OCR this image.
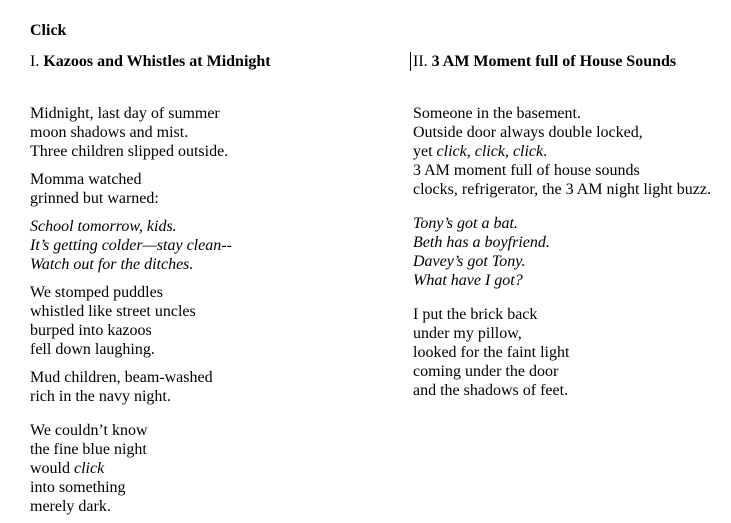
Click
I. Kazoos and Whistles at Midnight
Midnight, last day of summer
moon shadows and mist.
Three children slipped outside.
Momma watched
grinned but warned:
School tomorrow, kids.
It’s getting colder—stay clean--
Watch out for the ditches.
We stomped puddles
whistled like street uncles
burped into kazoos
fell down laughing.
Mud children, beam-washed
rich in the navy night.
We couldn’t know
the fine blue night
would click
into something
merely dark.
II. 3 AM Moment full of House Sounds
Someone in the basement.
Outside door always double locked,
yet click, click, click.
3 AM moment full of house sounds
clocks, refrigerator, the 3 AM night light buzz.
Tony’s got a bat.
Beth has a boyfriend.
Davey’s got Tony.
What have I got?
I put the brick back
under my pillow,
looked for the faint light
coming under the door
and the shadows of feet.
